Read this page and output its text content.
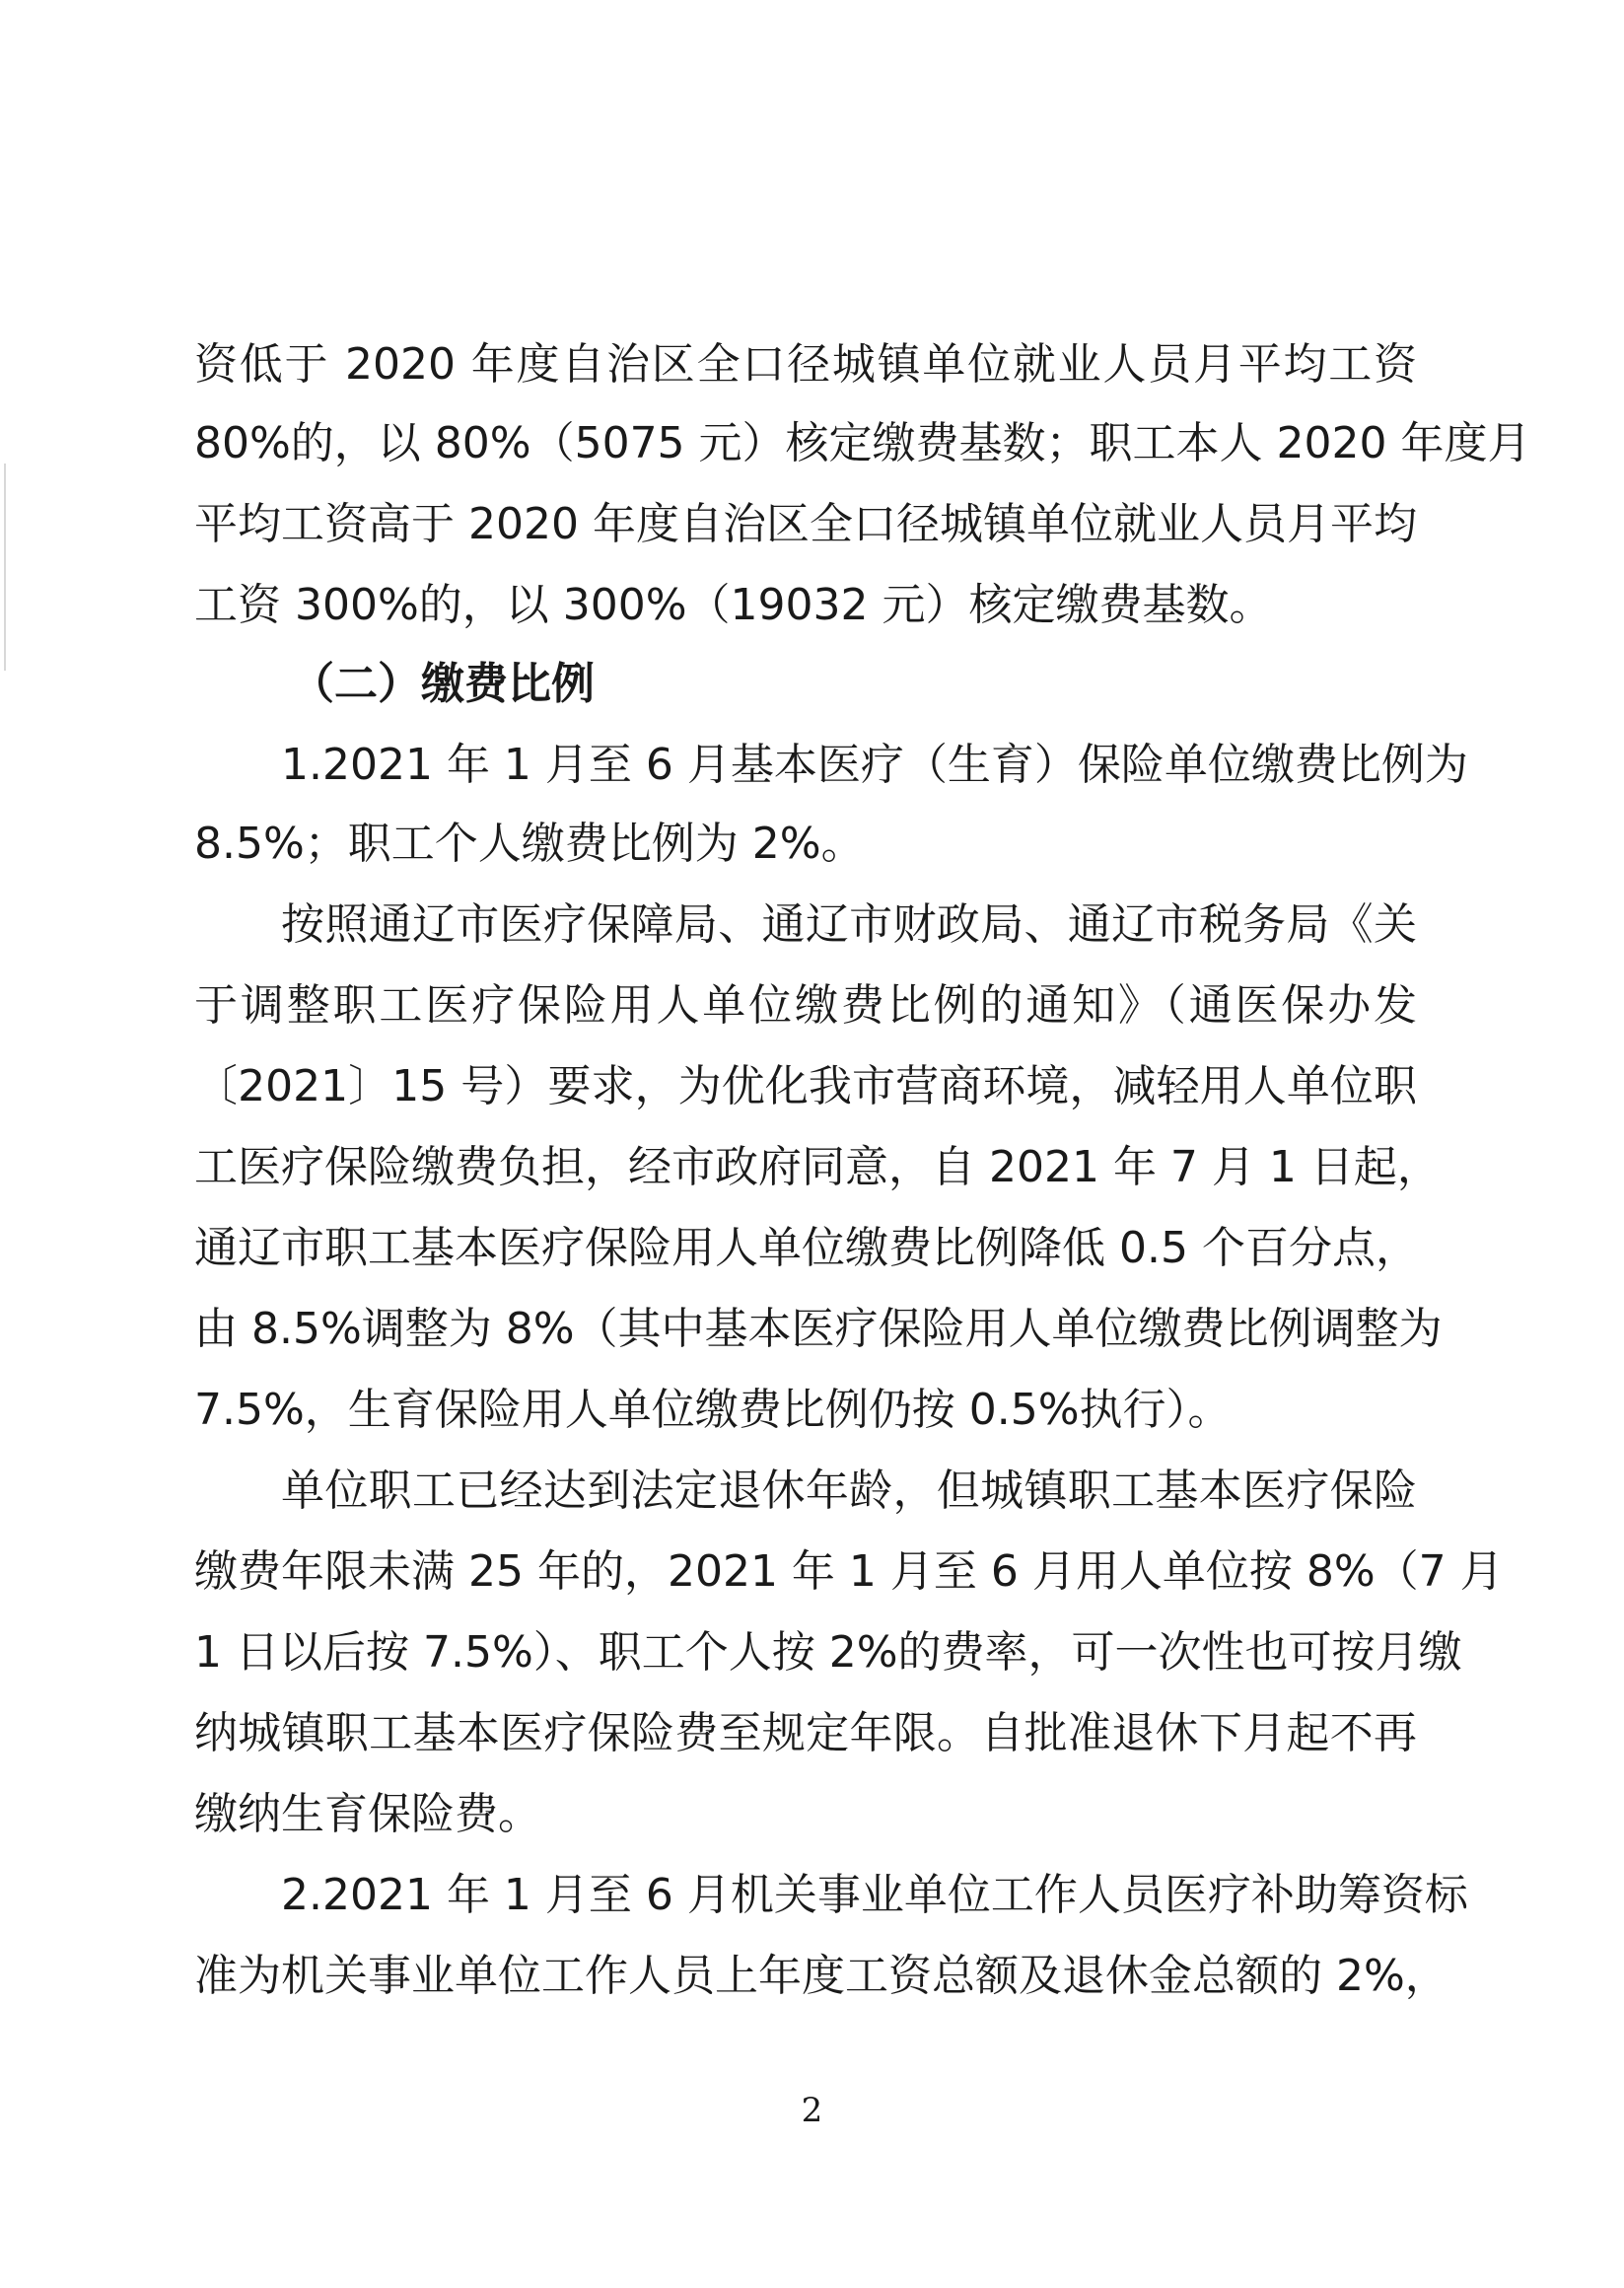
资低于 2020 年度自治区全口径城镇单位就业人员月平均工资

80%的，以 80%（5075 元）核定缴费基数；职工本人 2020 年度月

平均工资高于 2020 年度自治区全口径城镇单位就业人员月平均

工资 300%的，以 300%（19032 元）核定缴费基数。

（二）缴费比例

1.2021 年 1 月至 6 月基本医疗（生育）保险单位缴费比例为

8.5%；职工个人缴费比例为 2%。

按照通辽市医疗保障局、通辽市财政局、通辽市税务局《关

于调整职工医疗保险用人单位缴费比例的通知》（通医保办发

〔2021〕15 号）要求，为优化我市营商环境，减轻用人单位职

工医疗保险缴费负担，经市政府同意，自 2021 年 7 月 1 日起，

通辽市职工基本医疗保险用人单位缴费比例降低 0.5 个百分点，

由 8.5%调整为 8%（其中基本医疗保险用人单位缴费比例调整为

7.5%，生育保险用人单位缴费比例仍按 0.5%执行）。

单位职工已经达到法定退休年龄，但城镇职工基本医疗保险

缴费年限未满 25 年的，2021 年 1 月至 6 月用人单位按 8%（7 月

1 日以后按 7.5%）、职工个人按 2%的费率，可一次性也可按月缴

纳城镇职工基本医疗保险费至规定年限。自批准退休下月起不再

缴纳生育保险费。

2.2021 年 1 月至 6 月机关事业单位工作人员医疗补助筹资标

准为机关事业单位工作人员上年度工资总额及退休金总额的 2%，

2
